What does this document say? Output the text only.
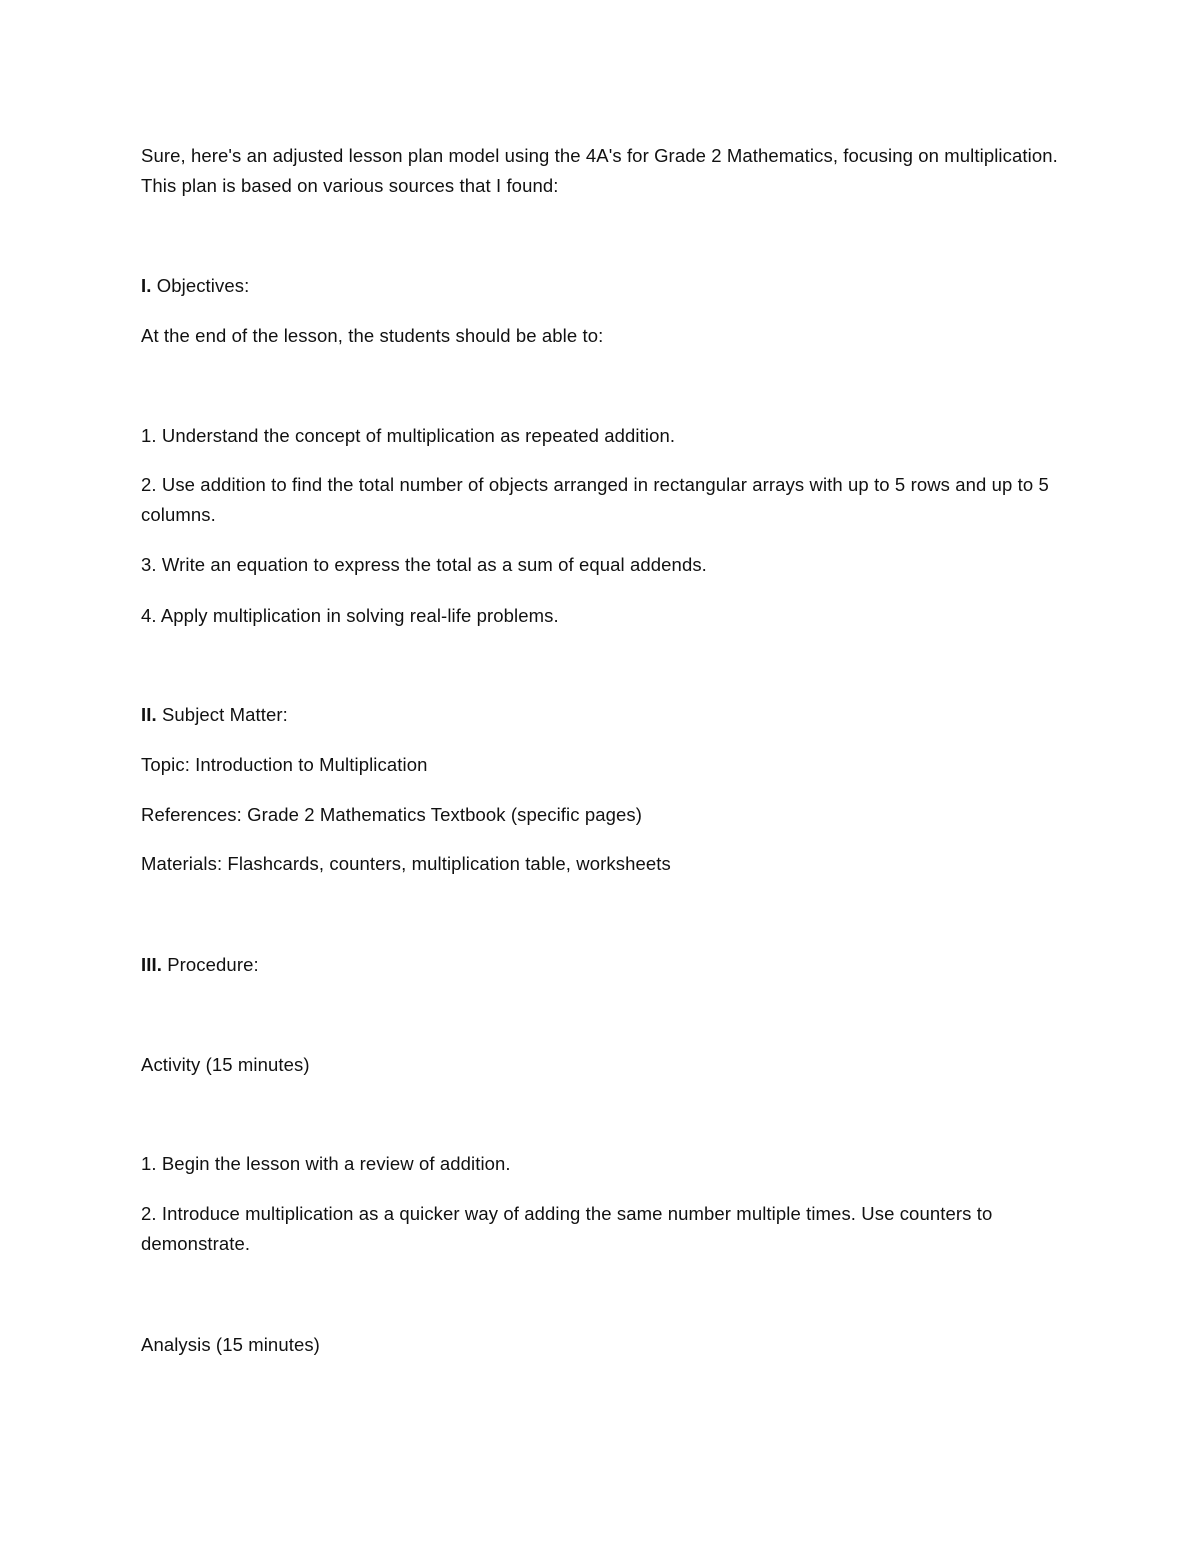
Sure, here's an adjusted lesson plan model using the 4A's for Grade 2 Mathematics, focusing on multiplication. This plan is based on various sources that I found:
I. Objectives:
At the end of the lesson, the students should be able to:
1. Understand the concept of multiplication as repeated addition.
2. Use addition to find the total number of objects arranged in rectangular arrays with up to 5 rows and up to 5 columns.
3. Write an equation to express the total as a sum of equal addends.
4. Apply multiplication in solving real-life problems.
II. Subject Matter:
Topic: Introduction to Multiplication
References: Grade 2 Mathematics Textbook (specific pages)
Materials: Flashcards, counters, multiplication table, worksheets
III. Procedure:
Activity (15 minutes)
1. Begin the lesson with a review of addition.
2. Introduce multiplication as a quicker way of adding the same number multiple times. Use counters to demonstrate.
Analysis (15 minutes)
